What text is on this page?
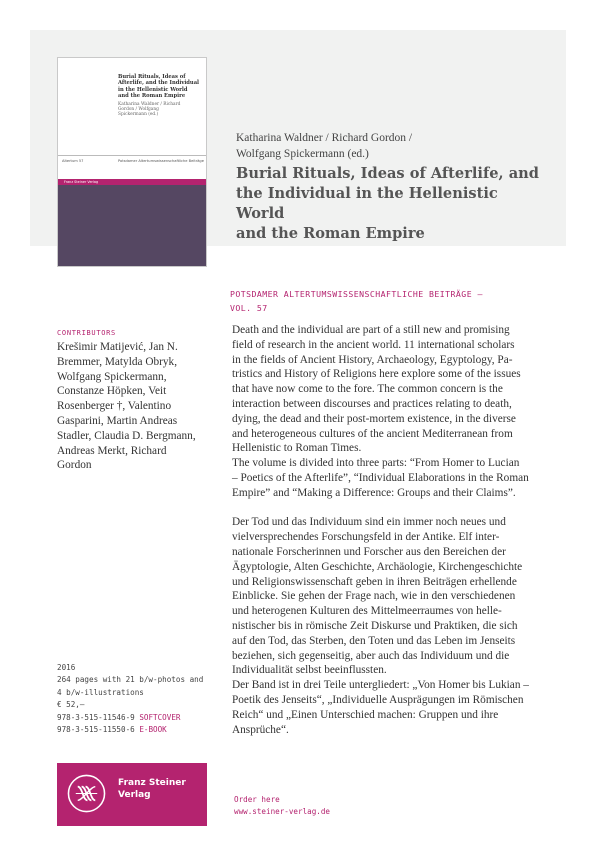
Burial Rituals, Ideas of
Afterlife, and the Individual
in the Hellenistic World
and the Roman Empire
Katharina Waldner / Richard
Gordon / Wolfgang
Spickermann (ed.)
Altertum 57	Potsdamer Altertumswissenschaftliche Beiträge
Franz Steiner Verlag
Katharina Waldner / Richard Gordon /
Wolfgang Spickermann (ed.)
Burial Rituals, Ideas of Afterlife, and
the Individual in the Hellenistic World
and the Roman Empire
POTSDAMER ALTERTUMSWISSENSCHAFTLICHE BEITRÄGE –
VOL. 57
CONTRIBUTORS
Krešimir Matijević, Jan N.
Bremmer, Matylda Obryk,
Wolfgang Spickermann,
Constanze Höpken, Veit
Rosenberger †, Valentino
Gasparini, Martin Andreas
Stadler, Claudia D. Bergmann,
Andreas Merkt, Richard
Gordon

Death and the individual are part of a still new and promising

field of research in the ancient world. 11 international scholars

in the fields of Ancient History, Archaeology, Egyptology, Pa-

tristics and History of Religions here explore some of the issues

that have now come to the fore. The common concern is the

interaction between discourses and practices relating to death,

dying, the dead and their post-mortem existence, in the diverse

and heterogeneous cultures of the ancient Mediterranean from

Hellenistic to Roman Times.

The volume is divided into three parts: “From Homer to Lucian

– Poetics of the Afterlife”, “Individual Elaborations in the Roman

Empire” and “Making a Difference: Groups and their Claims”.

Der Tod und das Individuum sind ein immer noch neues und

vielversprechendes Forschungsfeld in der Antike. Elf inter-

nationale Forscherinnen und Forscher aus den Bereichen der

Ägyptologie, Alten Geschichte, Archäologie, Kirchengeschichte

und Religionswissenschaft geben in ihren Beiträgen erhellende

Einblicke. Sie gehen der Frage nach, wie in den verschiedenen

und heterogenen Kulturen des Mittelmeerraumes von helle-

nistischer bis in römische Zeit Diskurse und Praktiken, die sich

auf den Tod, das Sterben, den Toten und das Leben im Jenseits

beziehen, sich gegenseitig, aber auch das Individuum und die

Individualität selbst beeinflussten.

Der Band ist in drei Teile untergliedert: „Von Homer bis Lukian –

Poetik des Jenseits“, „Individuelle Ausprägungen im Römischen

Reich“ und „Einen Unterschied machen: Gruppen und ihre

Ansprüche“.

2016
264 pages with 21 b/w-photos and
4 b/w-illustrations
€ 52,–
978-3-515-11546-9 SOFTCOVER
978-3-515-11550-6 E-BOOK
Franz Steiner
Verlag	Order here
www.steiner-verlag.de
